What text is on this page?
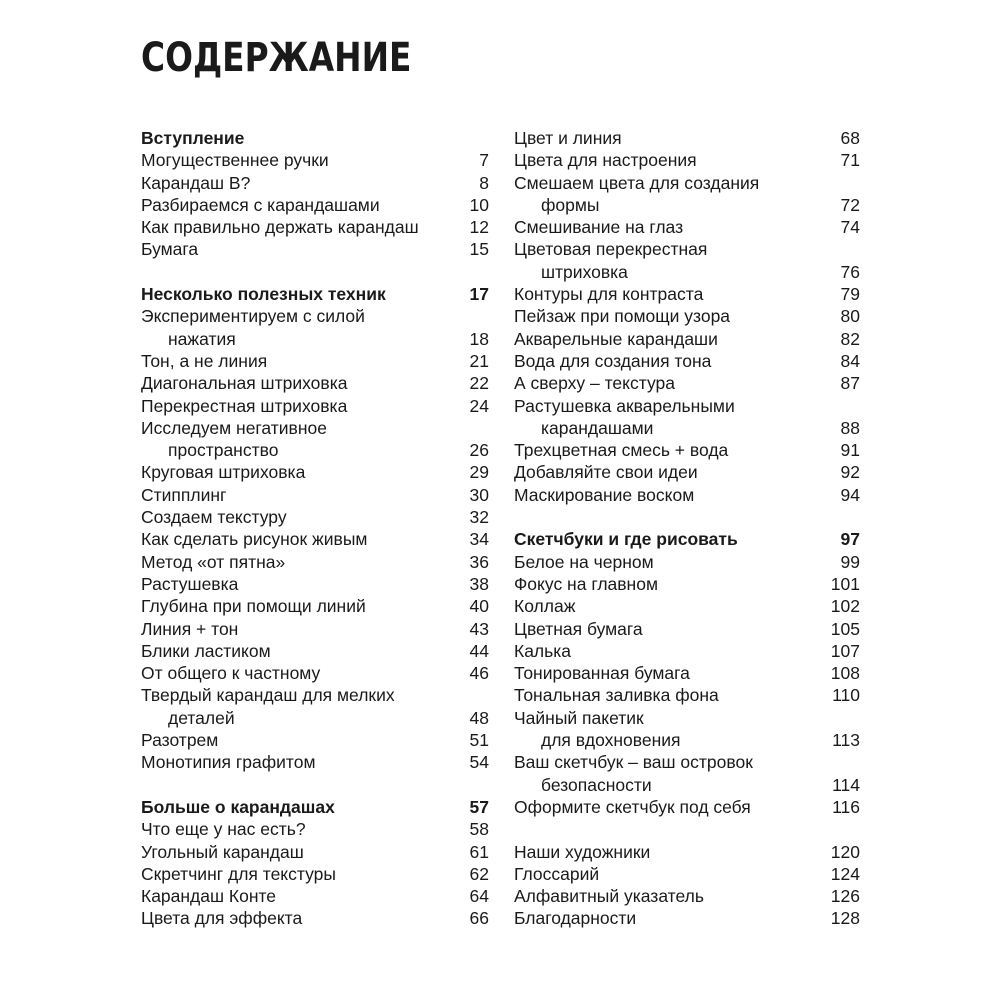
СОДЕРЖАНИЕ
Вступление
Могущественнее ручки	7
Карандаш B?	8
Разбираемся с карандашами	10
Как правильно держать карандаш	12
Бумага	15
Несколько полезных техник	17
Экспериментируем с силой
нажатия	18
Тон, а не линия	21
Диагональная штриховка	22
Перекрестная штриховка	24
Исследуем негативное
пространство	26
Круговая штриховка	29
Стипплинг	30
Создаем текстуру	32
Как сделать рисунок живым	34
Метод «от пятна»	36
Растушевка	38
Глубина при помощи линий	40
Линия + тон	43
Блики ластиком	44
От общего к частному	46
Твердый карандаш для мелких
деталей	48
Разотрем	51
Монотипия графитом	54
Больше о карандашах	57
Что еще у нас есть?	58
Угольный карандаш	61
Скретчинг для текстуры	62
Карандаш Конте	64
Цвета для эффекта	66
Цвет и линия	68
Цвета для настроения	71
Смешаем цвета для создания
формы	72
Смешивание на глаз	74
Цветовая перекрестная
штриховка	76
Контуры для контраста	79
Пейзаж при помощи узора	80
Акварельные карандаши	82
Вода для создания тона	84
А сверху – текстура	87
Растушевка акварельными
карандашами	88
Трехцветная смесь + вода	91
Добавляйте свои идеи	92
Маскирование воском	94
Скетчбуки и где рисовать	97
Белое на черном	99
Фокус на главном	101
Коллаж	102
Цветная бумага	105
Калька	107
Тонированная бумага	108
Тональная заливка фона	110
Чайный пакетик
для вдохновения	113
Ваш скетчбук – ваш островок
безопасности	114
Оформите скетчбук под себя	116
Наши художники	120
Глоссарий	124
Алфавитный указатель	126
Благодарности	128
